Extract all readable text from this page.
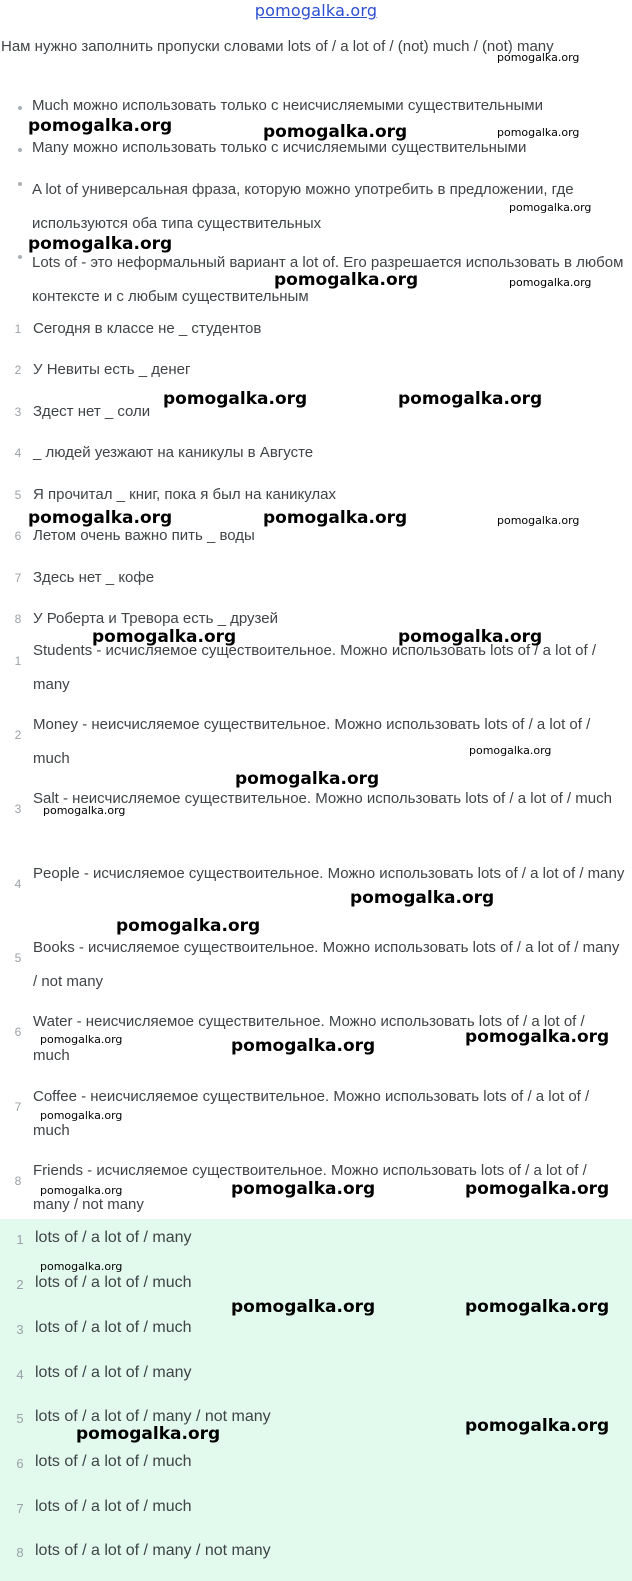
pomogalka.org
Нам нужно заполнить пропуски словами lots of / a lot of / (not) much / (not) many
Much можно использовать только с неисчисляемыми существительными
Many можно использовать только с исчисляемыми существительными
A lot of универсальная фраза, которую можно употребить в предложении, где используются оба типа существительных
Lots of - это неформальный вариант a lot of. Его разрешается использовать в любом контексте и с любым существительным
1 Сегодня в классе не _ студентов
2 У Невиты есть _ денег
3 Здест нет _ соли
4 _ людей уезжают на каникулы в Августе
5 Я прочитал _ книг, пока я был на каникулах
6 Летом очень важно пить _ воды
7 Здесь нет _ кофе
8 У Роберта и Тревора есть _ друзей
1
Students - исчисляемое существоительное. Можно использовать lots of / a lot of / many
2
Money - неисчисляемое существительное. Можно использовать lots of / a lot of / much
3
Salt - неисчисляемое существительное. Можно использовать lots of / a lot of / much
4
People - исчисляемое существоительное. Можно использовать lots of / a lot of / many
5
Books - исчисляемое существоительное. Можно использовать lots of / a lot of / many / not many
6
Water - неисчисляемое существительное. Можно использовать lots of / a lot of / much
7
Coffee - неисчисляемое существительное. Можно использовать lots of / a lot of / much
8
Friends - исчисляемое существоительное. Можно использовать lots of / a lot of / many / not many
1 lots of / a lot of / many
2 lots of / a lot of / much
3 lots of / a lot of / much
4 lots of / a lot of / many
5 lots of / a lot of / many / not many
6 lots of / a lot of / much
7 lots of / a lot of / much
8 lots of / a lot of / many / not many
pomogalka.org
pomogalka.org	pomogalka.org	pomogalka.org
pomogalka.org
pomogalka.org
pomogalka.org	pomogalka.org
pomogalka.org	pomogalka.org
pomogalka.org	pomogalka.org	pomogalka.org
pomogalka.org	pomogalka.org
pomogalka.org
pomogalka.org
pomogalka.org
pomogalka.org
pomogalka.org
pomogalka.org
pomogalka.org	pomogalka.org
pomogalka.org
pomogalka.org	pomogalka.org
pomogalka.org
pomogalka.org
pomogalka.org	pomogalka.org
pomogalka.org
pomogalka.org
